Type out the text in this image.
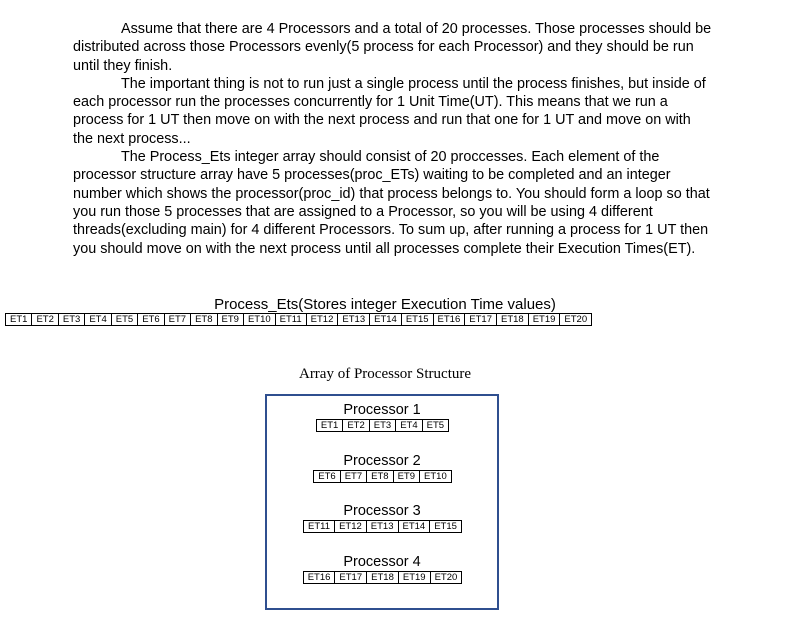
Assume that there are 4 Processors and a total of 20 processes. Those processes should be distributed across those Processors evenly(5 process for each Processor) and they should be run until they finish.

The important thing is not to run just a single process until the process finishes, but inside of each processor run the processes concurrently for 1 Unit Time(UT). This means that we run a process for 1 UT then move on with the next process and run that one for 1 UT and move on with the next process...

The Process_Ets integer array should consist of 20 proccesses. Each element of the processor structure array have 5 processes(proc_ETs) waiting to be completed and an integer number which shows the processor(proc_id) that process belongs to. You should form a loop so that you run those 5 processes that are assigned to a Processor, so you will be using 4 different threads(excluding main) for 4 different Processors. To sum up, after running a process for 1 UT then you should move on with the next process until all processes complete their Execution Times(ET).

Process_Ets(Stores integer Execution Time values)
ET1 ET2 ET3 ET4 ET5 ET6 ET7 ET8 ET9 ET10 ET11 ET12 ET13 ET14 ET15 ET16 ET17 ET18 ET19 ET20
Array of Processor Structure
Processor 1
ET1 ET2 ET3 ET4 ET5
Processor 2
ET6 ET7 ET8 ET9 ET10
Processor 3
ET11 ET12 ET13 ET14 ET15
Processor 4
ET16 ET17 ET18 ET19 ET20
